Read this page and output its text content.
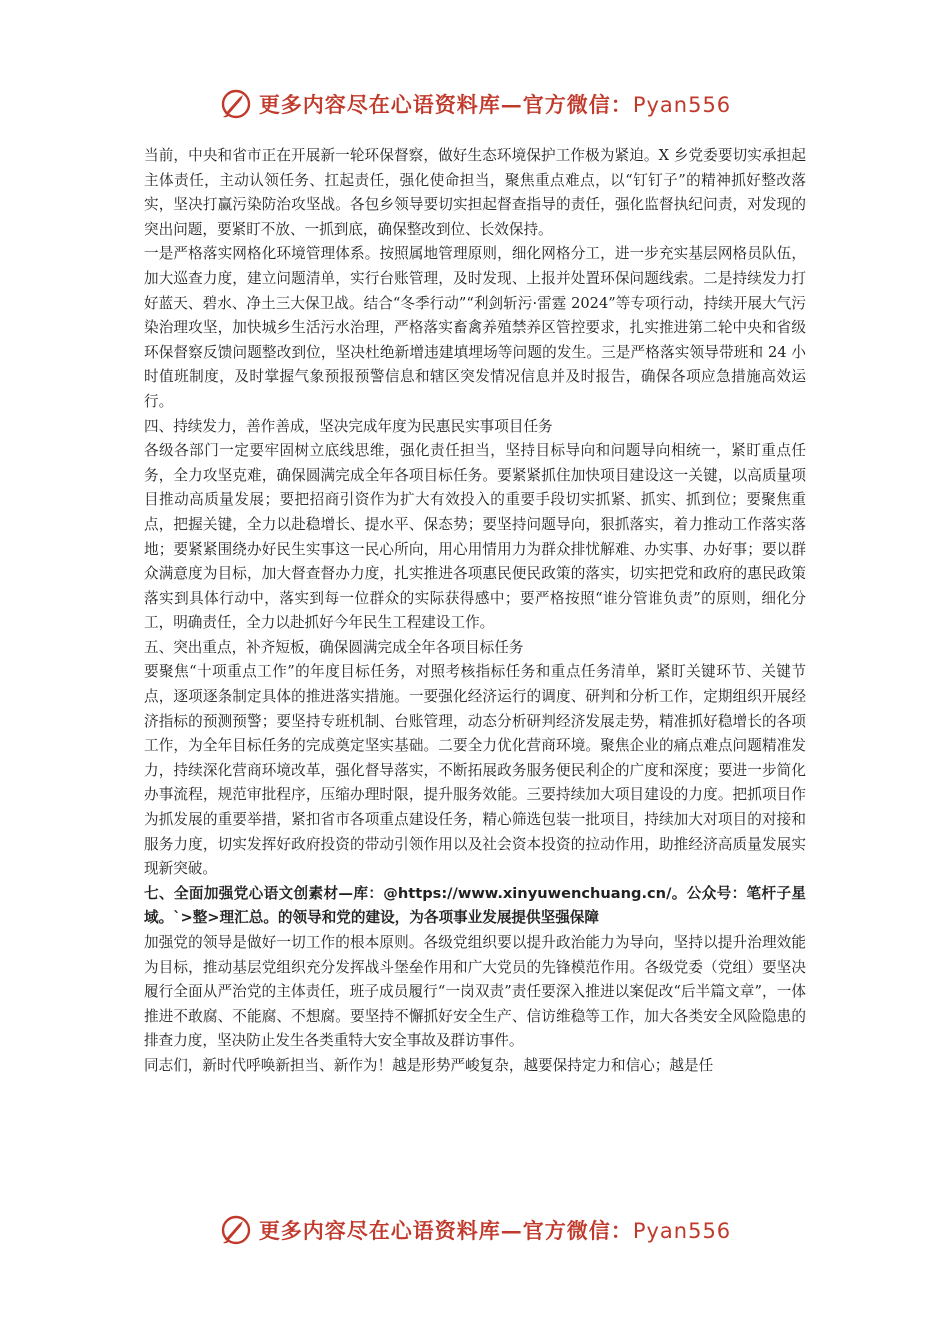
更多内容尽在心语资料库—官方微信：Pyan556

当前，中央和省市正在开展新一轮环保督察，做好生态环境保护工作极为紧迫。X 乡党委要切实承担起主体责任，主动认领任务、扛起责任，强化使命担当，聚焦重点难点，以“钉钉子”的精神抓好整改落实，坚决打赢污染防治攻坚战。各包乡领导要切实担起督查指导的责任，强化监督执纪问责，对发现的突出问题，要紧盯不放、一抓到底，确保整改到位、长效保持。

一是严格落实网格化环境管理体系。按照属地管理原则，细化网格分工，进一步充实基层网格员队伍，加大巡查力度，建立问题清单，实行台账管理，及时发现、上报并处置环保问题线索。二是持续发力打好蓝天、碧水、净土三大保卫战。结合“冬季行动”“利剑斩污·雷霆 2024”等专项行动，持续开展大气污染治理攻坚，加快城乡生活污水治理，严格落实畜禽养殖禁养区管控要求，扎实推进第二轮中央和省级环保督察反馈问题整改到位，坚决杜绝新增违建填埋场等问题的发生。三是严格落实领导带班和 24 小时值班制度，及时掌握气象预报预警信息和辖区突发情况信息并及时报告，确保各项应急措施高效运行。

四、持续发力，善作善成，坚决完成年度为民惠民实事项目任务

各级各部门一定要牢固树立底线思维，强化责任担当，坚持目标导向和问题导向相统一，紧盯重点任务，全力攻坚克难，确保圆满完成全年各项目标任务。要紧紧抓住加快项目建设这一关键，以高质量项目推动高质量发展；要把招商引资作为扩大有效投入的重要手段切实抓紧、抓实、抓到位；要聚焦重点，把握关键，全力以赴稳增长、提水平、保态势；要坚持问题导向，狠抓落实，着力推动工作落实落地；要紧紧围绕办好民生实事这一民心所向，用心用情用力为群众排忧解难、办实事、办好事；要以群众满意度为目标，加大督查督办力度，扎实推进各项惠民便民政策的落实，切实把党和政府的惠民政策落实到具体行动中，落实到每一位群众的实际获得感中；要严格按照“谁分管谁负责”的原则，细化分工，明确责任，全力以赴抓好今年民生工程建设工作。

五、突出重点，补齐短板，确保圆满完成全年各项目标任务

要聚焦“十项重点工作”的年度目标任务，对照考核指标任务和重点任务清单，紧盯关键环节、关键节点，逐项逐条制定具体的推进落实措施。一要强化经济运行的调度、研判和分析工作，定期组织开展经济指标的预测预警；要坚持专班机制、台账管理，动态分析研判经济发展走势，精准抓好稳增长的各项工作，为全年目标任务的完成奠定坚实基础。二要全力优化营商环境。聚焦企业的痛点难点问题精准发力，持续深化营商环境改革，强化督导落实，不断拓展政务服务便民利企的广度和深度；要进一步简化办事流程，规范审批程序，压缩办理时限，提升服务效能。三要持续加大项目建设的力度。把抓项目作为抓发展的重要举措，紧扣省市各项重点建设任务，精心筛选包装一批项目，持续加大对项目的对接和服务力度，切实发挥好政府投资的带动引领作用以及社会资本投资的拉动作用，助推经济高质量发展实现新突破。

七、全面加强党心语文创素材—库：@https://www.xinyuwenchuang.cn/。公众号：笔杆子星域。`>整>理汇总。的领导和党的建设，为各项事业发展提供坚强保障

加强党的领导是做好一切工作的根本原则。各级党组织要以提升政治能力为导向，坚持以提升治理效能为目标，推动基层党组织充分发挥战斗堡垒作用和广大党员的先锋模范作用。各级党委（党组）要坚决履行全面从严治党的主体责任，班子成员履行“一岗双责”责任要深入推进以案促改“后半篇文章”，一体推进不敢腐、不能腐、不想腐。要坚持不懈抓好安全生产、信访维稳等工作，加大各类安全风险隐患的排查力度，坚决防止发生各类重特大安全事故及群访事件。

同志们，新时代呼唤新担当、新作为！越是形势严峻复杂，越要保持定力和信心；越是任

更多内容尽在心语资料库—官方微信：Pyan556
